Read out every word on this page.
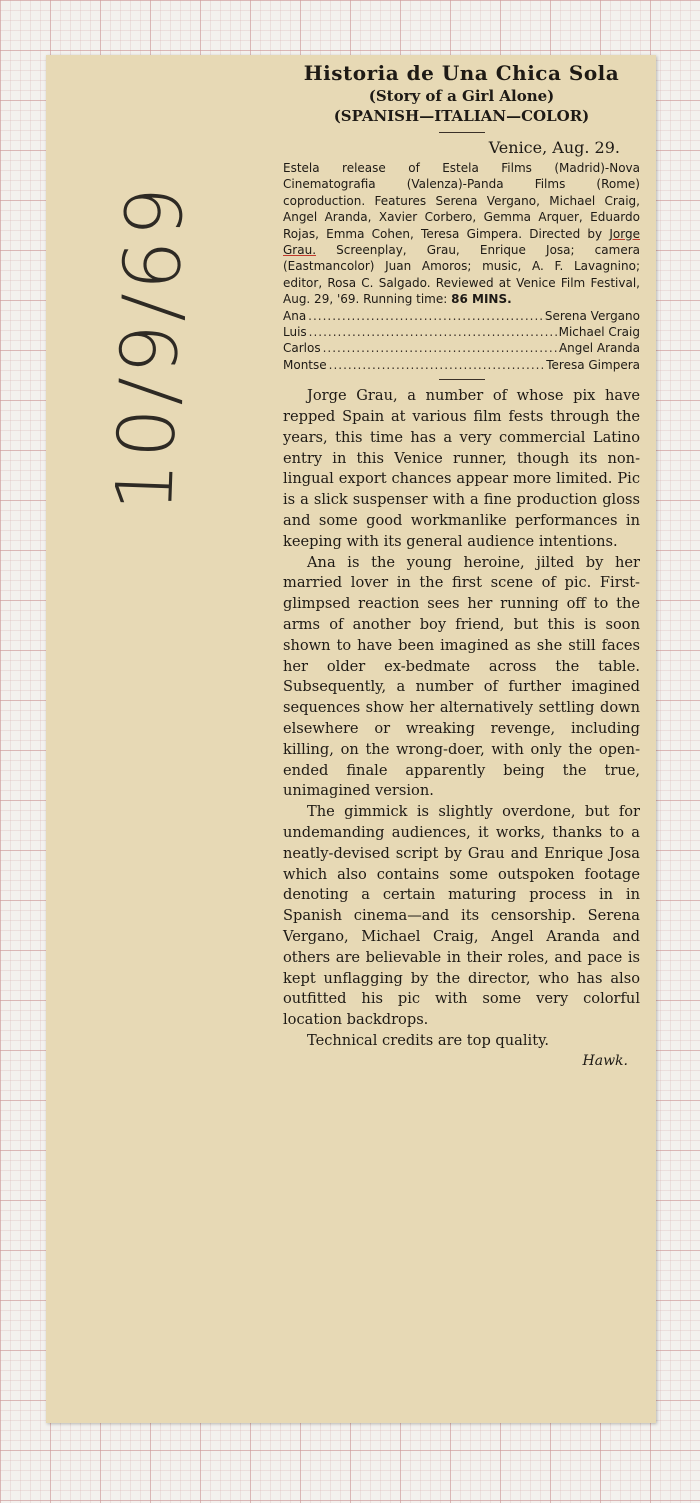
10/9/69
Historia de Una Chica Sola

(Story of a Girl Alone)

(SPANISH—ITALIAN—COLOR)

Venice, Aug. 29.

Estela release of Estela Films (Madrid)-Nova Cinematografia (Valenza)-Panda Films (Rome) coproduction. Features Serena Vergano, Michael Craig, Angel Aranda, Xavier Corbero, Gemma Arquer, Eduardo Rojas, Emma Cohen, Teresa Gimpera. Directed by Jorge Grau. Screenplay, Grau, Enrique Josa; camera (Eastmancolor) Juan Amoros; music, A. F. Lavagnino; editor, Rosa C. Salgado. Reviewed at Venice Film Festival, Aug. 29, '69. Running time: 86 MINS.

Ana .....	Serena Vergano
Luis .....	Michael Craig
Carlos .....	Angel Aranda
Montse .....	Teresa Gimpera

Jorge Grau, a number of whose pix have repped Spain at various film fests through the years, this time has a very commercial Latino entry in this Venice runner, though its non-lingual export chances appear more limited. Pic is a slick suspenser with a fine production gloss and some good workmanlike performances in keeping with its general audience intentions.

Ana is the young heroine, jilted by her married lover in the first scene of pic. First-glimpsed reaction sees her running off to the arms of another boy friend, but this is soon shown to have been imagined as she still faces her older ex-bedmate across the table. Subsequently, a number of further imagined sequences show her alternatively settling down elsewhere or wreaking revenge, including killing, on the wrong-doer, with only the open-ended finale apparently being the true, unimagined version.

The gimmick is slightly overdone, but for undemanding audiences, it works, thanks to a neatly-devised script by Grau and Enrique Josa which also contains some outspoken footage denoting a certain maturing process in in Spanish cinema—and its censorship. Serena Vergano, Michael Craig, Angel Aranda and others are believable in their roles, and pace is kept unflagging by the director, who has also outfitted his pic with some very colorful location backdrops.

Technical credits are top quality.

Hawk.
